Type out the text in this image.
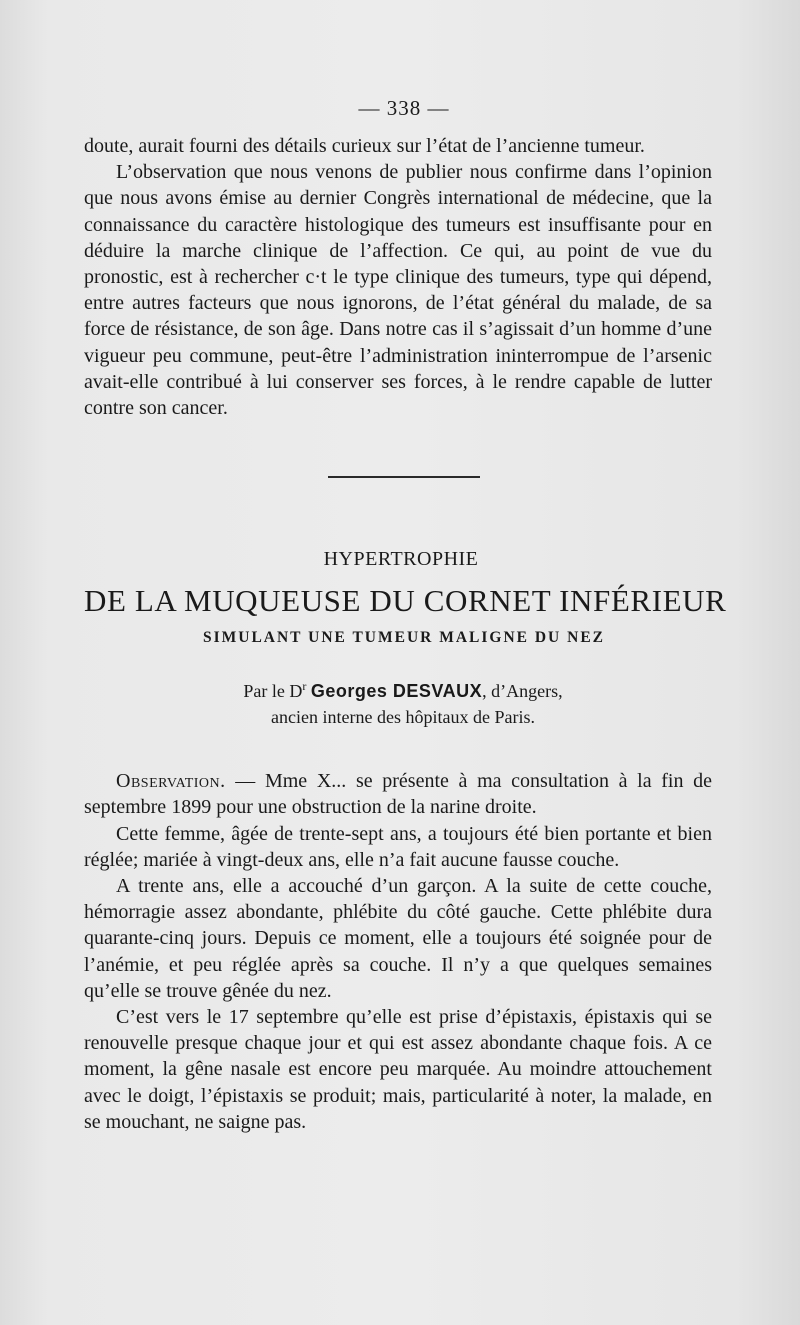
— 338 —

doute, aurait fourni des détails curieux sur l’état de l’ancienne tumeur.

L’observation que nous venons de publier nous confirme dans l’opinion que nous avons émise au dernier Congrès international de médecine, que la connaissance du caractère histologique des tumeurs est insuffisante pour en déduire la marche clinique de l’affection. Ce qui, au point de vue du pronostic, est à rechercher c·t le type clinique des tumeurs, type qui dépend, entre autres facteurs que nous ignorons, de l’état général du malade, de sa force de résistance, de son âge. Dans notre cas il s’agissait d’un homme d’une vigueur peu commune, peut-être l’administration ininterrompue de l’arsenic avait-elle contribué à lui conserver ses forces, à le rendre capable de lutter contre son cancer.

HYPERTROPHIE
DE LA MUQUEUSE DU CORNET INFÉRIEUR
SIMULANT UNE TUMEUR MALIGNE DU NEZ
Par le $D^r$ Georges DESVAUX, d’Angers,
ancien interne des hôpitaux de Paris.

Observation. — Mme X... se présente à ma consultation à la fin de septembre 1899 pour une obstruction de la narine droite.

Cette femme, âgée de trente-sept ans, a toujours été bien portante et bien réglée; mariée à vingt-deux ans, elle n’a fait aucune fausse couche.

A trente ans, elle a accouché d’un garçon. A la suite de cette couche, hémorragie assez abondante, phlébite du côté gauche. Cette phlébite dura quarante-cinq jours. Depuis ce moment, elle a toujours été soignée pour de l’anémie, et peu réglée après sa couche. Il n’y a que quelques semaines qu’elle se trouve gênée du nez.

C’est vers le 17 septembre qu’elle est prise d’épistaxis, épistaxis qui se renouvelle presque chaque jour et qui est assez abondante chaque fois. A ce moment, la gêne nasale est encore peu marquée. Au moindre attouchement avec le doigt, l’épistaxis se produit; mais, particularité à noter, la malade, en se mouchant, ne saigne pas.
